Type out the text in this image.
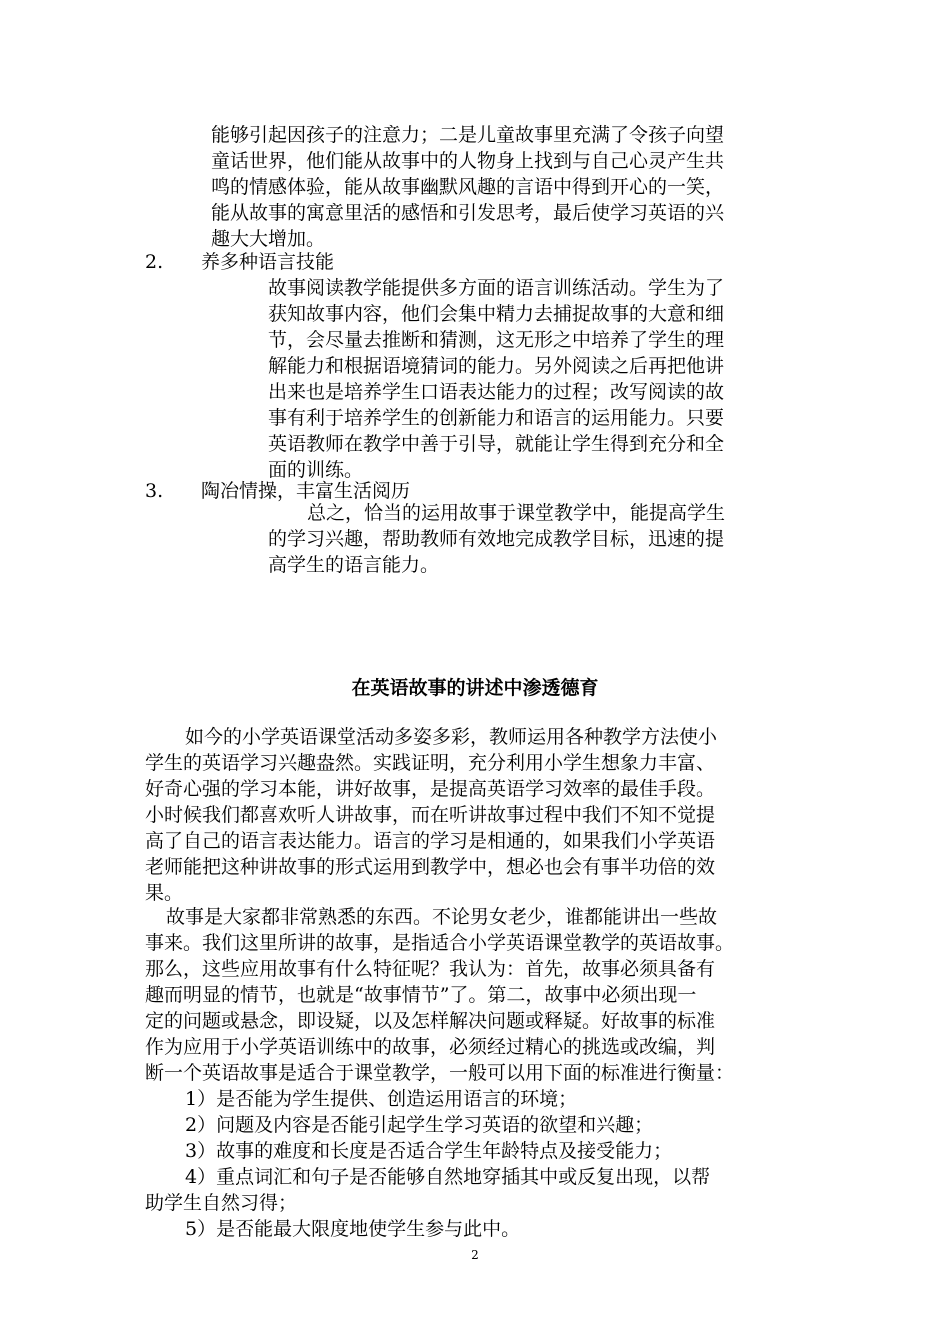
能够引起因孩子的注意力；二是儿童故事里充满了令孩子向望
童话世界，他们能从故事中的人物身上找到与自己心灵产生共
鸣的情感体验，能从故事幽默风趣的言语中得到开心的一笑，
能从故事的寓意里活的感悟和引发思考，最后使学习英语的兴
趣大大增加。
2. 养多种语言技能
故事阅读教学能提供多方面的语言训练活动。学生为了
获知故事内容，他们会集中精力去捕捉故事的大意和细
节，会尽量去推断和猜测，这无形之中培养了学生的理
解能力和根据语境猜词的能力。另外阅读之后再把他讲
出来也是培养学生口语表达能力的过程；改写阅读的故
事有利于培养学生的创新能力和语言的运用能力。只要
英语教师在教学中善于引导，就能让学生得到充分和全
面的训练。
3. 陶冶情操，丰富生活阅历
总之，恰当的运用故事于课堂教学中，能提高学生
的学习兴趣，帮助教师有效地完成教学目标，迅速的提
高学生的语言能力。
在英语故事的讲述中渗透德育
如今的小学英语课堂活动多姿多彩，教师运用各种教学方法使小
学生的英语学习兴趣盎然。实践证明，充分利用小学生想象力丰富、
好奇心强的学习本能，讲好故事，是提高英语学习效率的最佳手段。
小时候我们都喜欢听人讲故事，而在听讲故事过程中我们不知不觉提
高了自己的语言表达能力。语言的学习是相通的，如果我们小学英语
老师能把这种讲故事的形式运用到教学中，想必也会有事半功倍的效
果。
故事是大家都非常熟悉的东西。不论男女老少，谁都能讲出一些故
事来。我们这里所讲的故事，是指适合小学英语课堂教学的英语故事。
那么，这些应用故事有什么特征呢？我认为：首先，故事必须具备有
趣而明显的情节，也就是“故事情节”了。第二，故事中必须出现一
定的问题或悬念，即设疑，以及怎样解决问题或释疑。好故事的标准
作为应用于小学英语训练中的故事，必须经过精心的挑选或改编，判
断一个英语故事是适合于课堂教学，一般可以用下面的标准进行衡量：
1）是否能为学生提供、创造运用语言的环境；
2）问题及内容是否能引起学生学习英语的欲望和兴趣；
3）故事的难度和长度是否适合学生年龄特点及接受能力；
4）重点词汇和句子是否能够自然地穿插其中或反复出现，以帮
助学生自然习得；
5）是否能最大限度地使学生参与此中。
2
